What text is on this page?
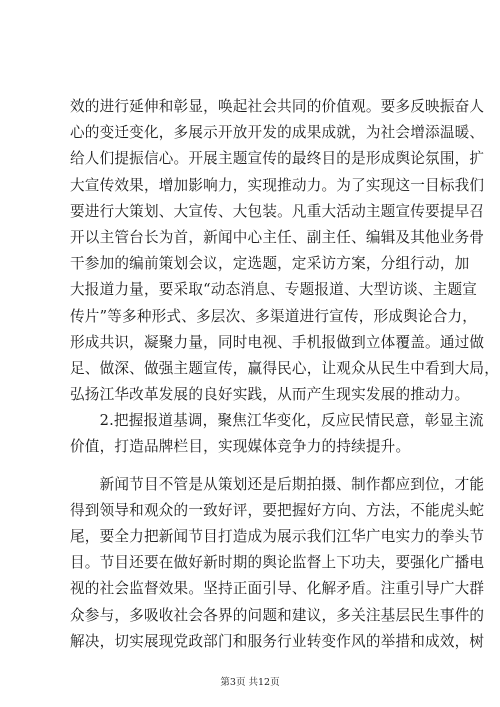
效的进行延伸和彰显，唤起社会共同的价值观。要多反映振奋人
心的变迁变化，多展示开放开发的成果成就，为社会增添温暖、
给人们提振信心。开展主题宣传的最终目的是形成舆论氛围，扩
大宣传效果，增加影响力，实现推动力。为了实现这一目标我们
要进行大策划、大宣传、大包装。凡重大活动主题宣传要提早召
开以主管台长为首，新闻中心主任、副主任、编辑及其他业务骨
干参加的编前策划会议，定选题，定采访方案，分组行动，加
大报道力量，要采取“动态消息、专题报道、大型访谈、主题宣
传片”等多种形式、多层次、多渠道进行宣传，形成舆论合力，
形成共识，凝聚力量，同时电视、手机报做到立体覆盖。通过做
足、做深、做强主题宣传，赢得民心，让观众从民生中看到大局，
弘扬江华改革发展的良好实践，从而产生现实发展的推动力。
　　2.把握报道基调，聚焦江华变化，反应民情民意，彰显主流
价值，打造品牌栏目，实现媒体竞争力的持续提升。
　　新闻节目不管是从策划还是后期拍摄、制作都应到位，才能
得到领导和观众的一致好评，要把握好方向、方法，不能虎头蛇
尾，要全力把新闻节目打造成为展示我们江华广电实力的拳头节
目。节目还要在做好新时期的舆论监督上下功夫，要强化广播电
视的社会监督效果。坚持正面引导、化解矛盾。注重引导广大群
众参与，多吸收社会各界的问题和建议，多关注基层民生事件的
解决，切实展现党政部门和服务行业转变作风的举措和成效，树
第3页 共12页
